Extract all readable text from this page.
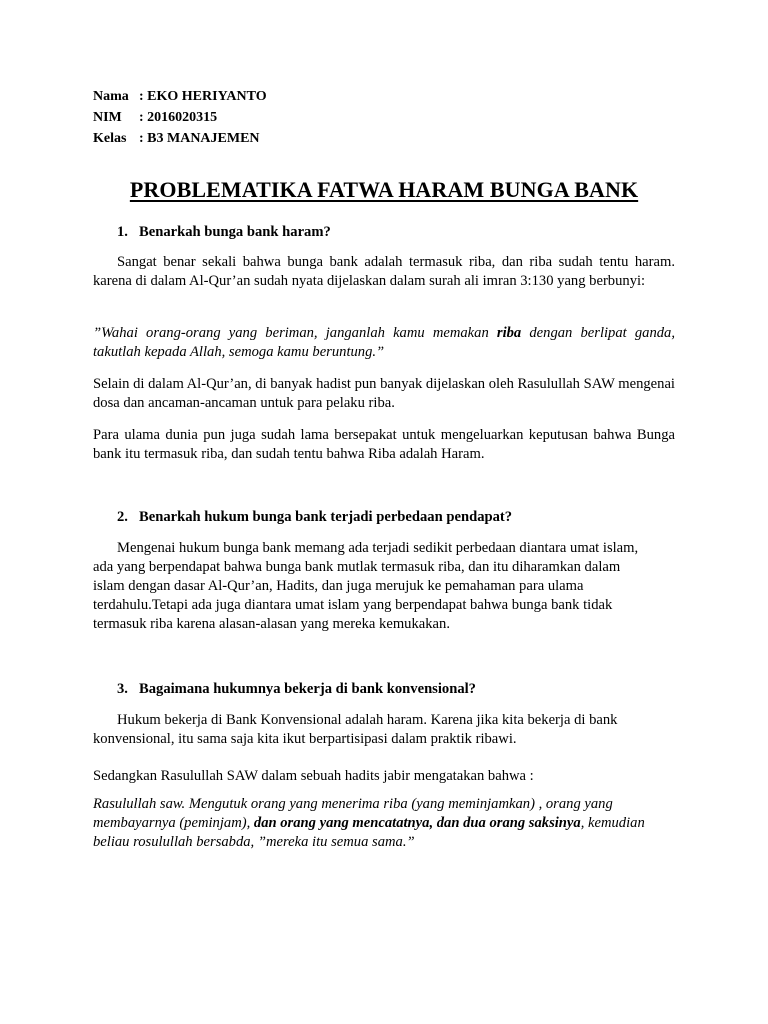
Nama : EKO HERIYANTO
NIM	: 2016020315
Kelas : B3 MANAJEMEN
PROBLEMATIKA FATWA HARAM BUNGA BANK
1. Benarkah bunga bank haram?
Sangat benar sekali bahwa bunga bank adalah termasuk riba, dan riba sudah tentu haram. karena di dalam Al-Qur’an sudah nyata dijelaskan dalam surah ali imran 3:130 yang berbunyi:
”Wahai orang-orang yang beriman, janganlah kamu memakan riba dengan berlipat ganda, takutlah kepada Allah, semoga kamu beruntung.”
Selain di dalam Al-Qur’an, di banyak hadist pun banyak dijelaskan oleh Rasulullah SAW mengenai dosa dan ancaman-ancaman untuk para pelaku riba.
Para ulama dunia pun juga sudah lama bersepakat untuk mengeluarkan keputusan bahwa Bunga bank itu termasuk riba, dan sudah tentu bahwa Riba adalah Haram.
2. Benarkah hukum bunga bank terjadi perbedaan pendapat?
Mengenai hukum bunga bank memang ada terjadi sedikit perbedaan diantara umat islam,
ada yang berpendapat bahwa bunga bank mutlak termasuk riba, dan itu diharamkan dalam
islam dengan dasar Al-Qur’an, Hadits, dan juga merujuk ke pemahaman para ulama
terdahulu.Tetapi ada juga diantara umat islam yang berpendapat bahwa bunga bank tidak
termasuk riba karena alasan-alasan yang mereka kemukakan.
3. Bagaimana hukumnya bekerja di bank konvensional?
Hukum bekerja di Bank Konvensional adalah haram. Karena jika kita bekerja di bank
konvensional, itu sama saja kita ikut berpartisipasi dalam praktik ribawi.
Sedangkan Rasulullah SAW dalam sebuah hadits jabir mengatakan bahwa :
Rasulullah saw. Mengutuk orang yang menerima riba (yang meminjamkan) , orang yang membayarnya (peminjam), dan orang yang mencatatnya, dan dua orang saksinya, kemudian beliau rosulullah bersabda, ”mereka itu semua sama.”
